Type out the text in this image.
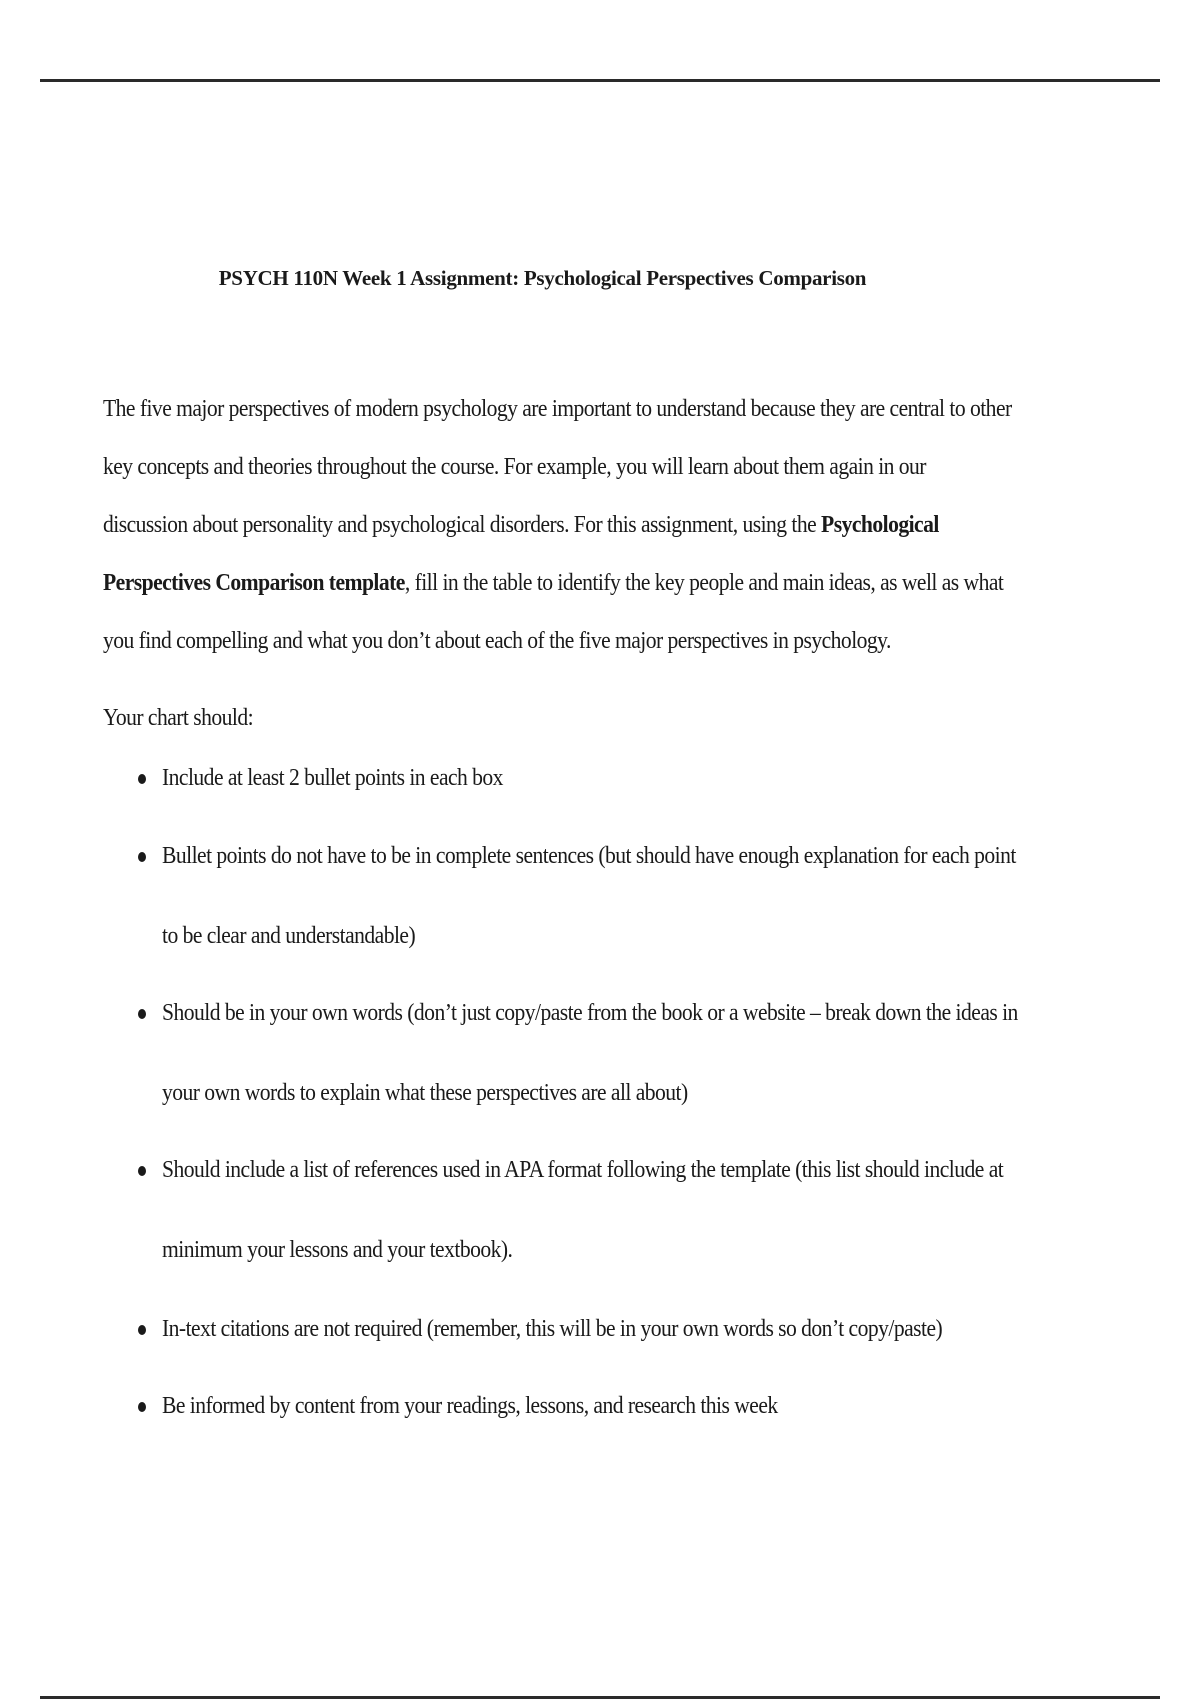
PSYCH 110N Week 1 Assignment: Psychological Perspectives Comparison

The five major perspectives of modern psychology are important to understand because they are central to other key concepts and theories throughout the course. For example, you will learn about them again in our discussion about personality and psychological disorders. For this assignment, using the Psychological Perspectives Comparison template, fill in the table to identify the key people and main ideas, as well as what you find compelling and what you don’t about each of the five major perspectives in psychology.

Your chart should:

Include at least 2 bullet points in each box
Bullet points do not have to be in complete sentences (but should have enough explanation for each point to be clear and understandable)
Should be in your own words (don’t just copy/paste from the book or a website – break down the ideas in your own words to explain what these perspectives are all about)
Should include a list of references used in APA format following the template (this list should include at minimum your lessons and your textbook).
In-text citations are not required (remember, this will be in your own words so don’t copy/paste)
Be informed by content from your readings, lessons, and research this week
